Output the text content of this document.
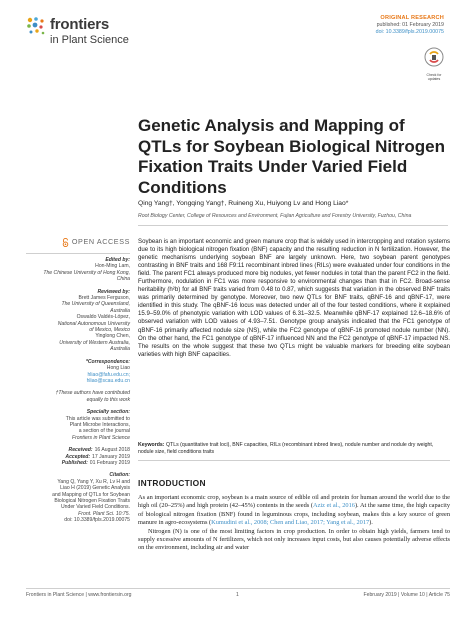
frontiers
in Plant Science
ORIGINAL RESEARCH
published: 01 February 2019
doi: 10.3389/fpls.2019.00075
Check for updates
Genetic Analysis and Mapping of QTLs for Soybean Biological Nitrogen Fixation Traits Under Varied Field Conditions
Qing Yang†, Yongqing Yang†, Ruineng Xu, Huiyong Lv and Hong Liao*
Root Biology Center, College of Resources and Environment, Fujian Agriculture and Forestry University, Fuzhou, China
OPEN ACCESS
Edited by:
Hon-Ming Lam,
The Chinese University of Hong Kong,
China
Reviewed by:
Brett James Ferguson,
The University of Queensland,
Australia
Oswaldo Valdés-López,
National Autonomous University
of Mexico, Mexico
Yinglong Chen,
University of Western Australia,
Australia
*Correspondence:
Hong Liao
hliao@fafu.edu.cn;
hliao@scau.edu.cn
†These authors have contributed
equally to this work
Specialty section:
This article was submitted to
Plant Microbe Interactions,
a section of the journal
Frontiers in Plant Science
Received: 16 August 2018
Accepted: 17 January 2019
Published: 01 February 2019
Citation:
Yang Q, Yang Y, Xu R, Lv H and
Liao H (2019) Genetic Analysis
and Mapping of QTLs for Soybean
Biological Nitrogen Fixation Traits
Under Varied Field Conditions.
Front. Plant Sci. 10:75.
doi: 10.3389/fpls.2019.00075
Soybean is an important economic and green manure crop that is widely used in intercropping and rotation systems due to its high biological nitrogen fixation (BNF) capacity and the resulting reduction in N fertilization. However, the genetic mechanisms underlying soybean BNF are largely unknown. Here, two soybean parent genotypes contrasting in BNF traits and 168 F9:11 recombinant inbred lines (RILs) were evaluated under four conditions in the field. The parent FC1 always produced more big nodules, yet fewer nodules in total than the parent FC2 in the field. Furthermore, nodulation in FC1 was more responsive to environmental changes than that in FC2. Broad-sense heritability (h²b) for all BNF traits varied from 0.48 to 0.87, which suggests that variation in the observed BNF traits was primarily determined by genotype. Moreover, two new QTLs for BNF traits, qBNF-16 and qBNF-17, were identified in this study. The qBNF-16 locus was detected under all of the four tested conditions, where it explained 15.9–59.0% of phenotypic variation with LOD values of 6.31–32.5. Meanwhile qBNF-17 explained 12.6–18.6% of observed variation with LOD values of 4.93–7.51. Genotype group analysis indicated that the FC1 genotype of qBNF-16 primarily affected nodule size (NS), while the FC2 genotype of qBNF-16 promoted nodule number (NN). On the other hand, the FC1 genotype of qBNF-17 influenced NN and the FC2 genotype of qBNF-17 impacted NS. The results on the whole suggest that these two QTLs might be valuable markers for breeding elite soybean varieties with high BNF capacities.
Keywords: QTLs (quantitative trait loci), BNF capacities, RILs (recombinant inbred lines), nodule number and nodule dry weight, nodule size, field conditions traits
INTRODUCTION

As an important economic crop, soybean is a main source of edible oil and protein for human around the world due to the high oil (20–25%) and high protein (42–45%) contents in the seeds (Aziz et al., 2016). At the same time, the high capacity of biological nitrogen fixation (BNF) found in leguminous crops, including soybean, makes this a key source of green manure in agro-ecosystems (Kumudini et al., 2008; Chen and Liao, 2017; Yang et al., 2017).

Nitrogen (N) is one of the most limiting factors in crop production. In order to obtain high yields, farmers tend to supply excessive amounts of N fertilizers, which not only increases input costs, but also causes potentially adverse effects on the environment, including air and water

Frontiers in Plant Science | www.frontiersin.org	1	February 2019 | Volume 10 | Article 75
